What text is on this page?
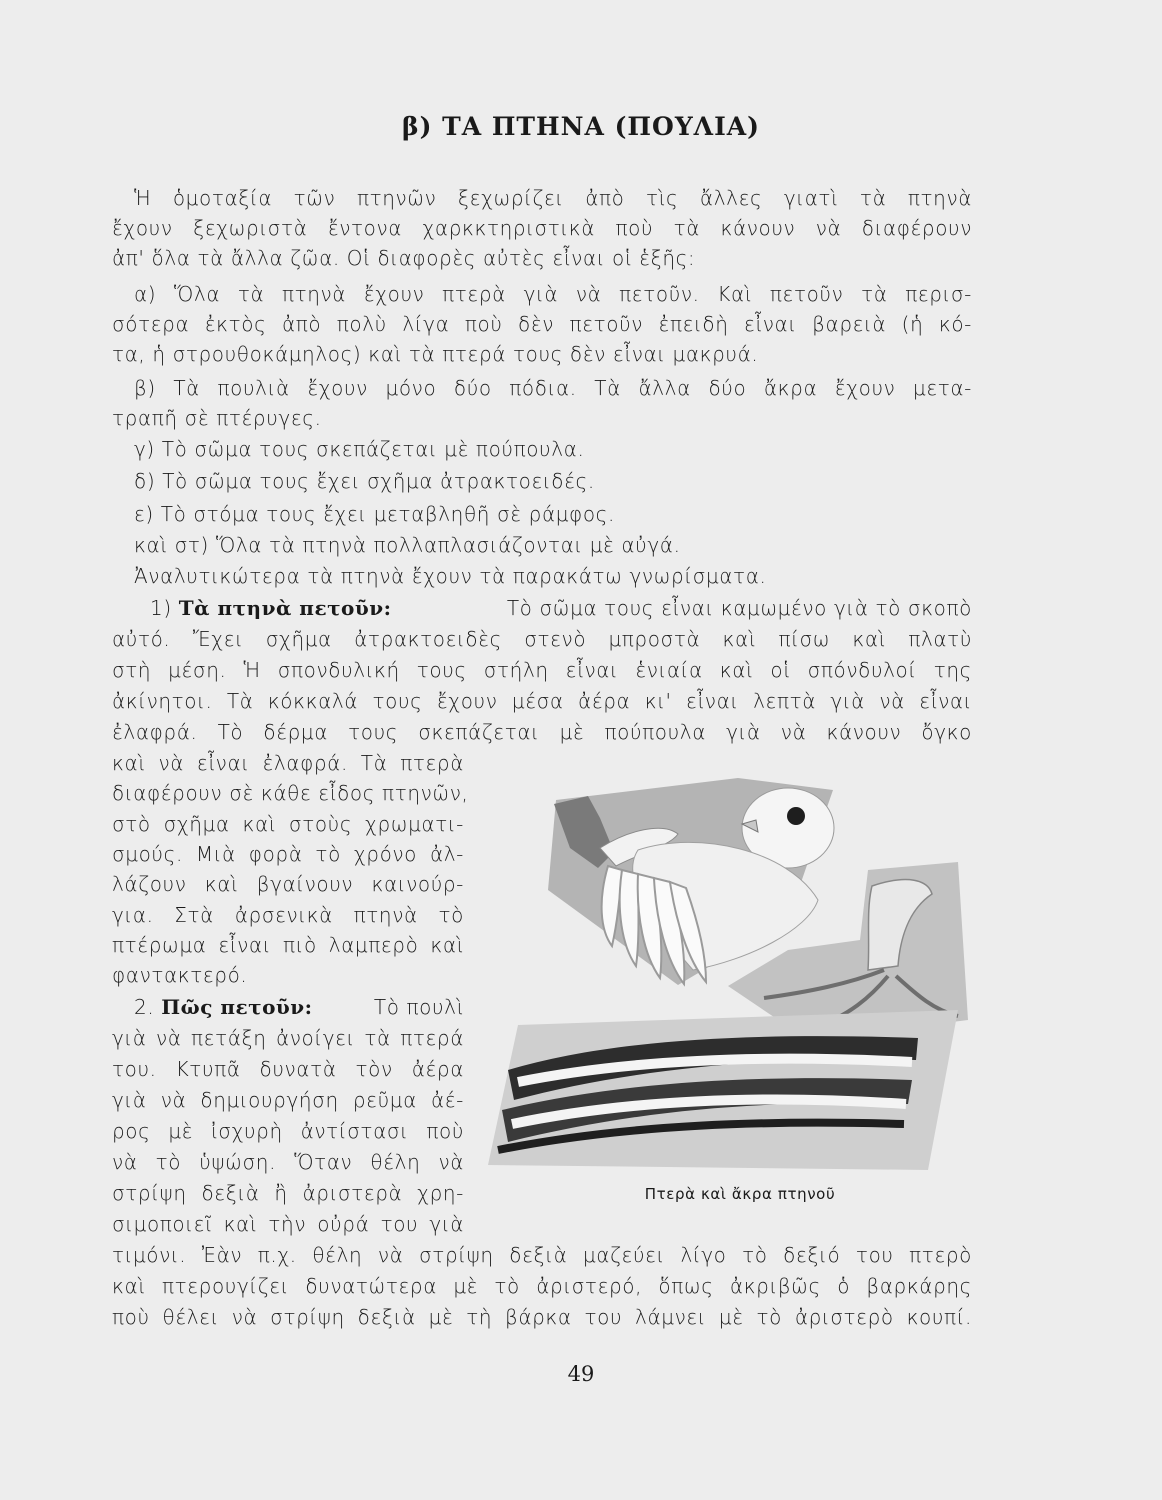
β) ΤΑ ΠΤΗΝΑ (ΠΟΥΛΙΑ)

Ἡ ὁμοταξία τῶν πτηνῶν ξεχωρίζει ἀπὸ τὶς ἄλλες γιατὶ τὰ πτηνὰ

ἔχουν ξεχωριστὰ ἔντονα χαρκκτηριστικὰ ποὺ τὰ κάνουν νὰ διαφέρουν

ἀπ' ὅλα τὰ ἄλλα ζῶα. Οἱ διαφορὲς αὐτὲς εἶναι οἱ ἑξῆς:

α) Ὅλα τὰ πτηνὰ ἔχουν πτερὰ γιὰ νὰ πετοῦν. Καὶ πετοῦν τὰ περισ-

σότερα ἐκτὸς ἀπὸ πολὺ λίγα ποὺ δὲν πετοῦν ἐπειδὴ εἶναι βαρειὰ (ἡ κό-

τα, ἡ στρουθοκάμηλος) καὶ τὰ πτερά τους δὲν εἶναι μακρυά.

β) Τὰ πουλιὰ ἔχουν μόνο δύο πόδια. Τὰ ἄλλα δύο ἄκρα ἔχουν μετα-

τραπῆ σὲ πτέρυγες.

γ) Τὸ σῶμα τους σκεπάζεται μὲ πούπουλα.

δ) Τὸ σῶμα τους ἔχει σχῆμα ἀτρακτοειδές.

ε) Τὸ στόμα τους ἔχει μεταβληθῆ σὲ ράμφος.

καὶ στ) Ὅλα τὰ πτηνὰ πολλαπλασιάζονται μὲ αὐγά.

Ἀναλυτικώτερα τὰ πτηνὰ ἔχουν τὰ παρακάτω γνωρίσματα.

1) Τὰ πτηνὰ πετοῦν:	Τὸ σῶμα τους εἶναι καμωμένο γιὰ τὸ σκοπὸ

αὐτό. Ἔχει σχῆμα ἀτρακτοειδὲς στενὸ μπροστὰ καὶ πίσω καὶ πλατὺ

στὴ μέση. Ἡ σπονδυλική τους στήλη εἶναι ἑνιαία καὶ οἱ σπόνδυλοί της

ἀκίνητοι. Τὰ κόκκαλά τους ἔχουν μέσα ἀέρα κι' εἶναι λεπτὰ γιὰ νὰ εἶναι

ἐλαφρά. Τὸ δέρμα τους σκεπάζεται μὲ πούπουλα γιὰ νὰ κάνουν ὄγκο

καὶ νὰ εἶναι ἐλαφρά. Τὰ πτερὰ

διαφέρουν σὲ κάθε εἶδος πτηνῶν,

στὸ σχῆμα καὶ στοὺς χρωματι-

σμούς. Μιὰ φορὰ τὸ χρόνο ἀλ-

λάζουν καὶ βγαίνουν καινούρ-

για. Στὰ ἀρσενικὰ πτηνὰ τὸ

πτέρωμα εἶναι πιὸ λαμπερὸ καὶ

φαντακτερό.

2. Πῶς πετοῦν:	Τὸ πουλὶ

γιὰ νὰ πετάξη ἀνοίγει τὰ πτερά

του. Κτυπᾶ δυνατὰ τὸν ἀέρα

γιὰ νὰ δημιουργήση ρεῦμα ἀέ-

ρος μὲ ἰσχυρὴ ἀντίστασι ποὺ

νὰ τὸ ὑψώση. Ὅταν θέλη νὰ

στρίψη δεξιὰ ἢ ἀριστερὰ χρη-

σιμοποιεῖ καὶ τὴν οὐρά του γιὰ

τιμόνι. Ἐὰν π.χ. θέλη νὰ στρίψη δεξιὰ μαζεύει λίγο τὸ δεξιό του πτερὸ

καὶ πτερουγίζει δυνατώτερα μὲ τὸ ἀριστερό, ὅπως ἀκριβῶς ὁ βαρκάρης

ποὺ θέλει νὰ στρίψη δεξιὰ μὲ τὴ βάρκα του λάμνει μὲ τὸ ἀριστερὸ κουπί.

Πτερὰ καὶ ἄκρα πτηνοῦ

49
